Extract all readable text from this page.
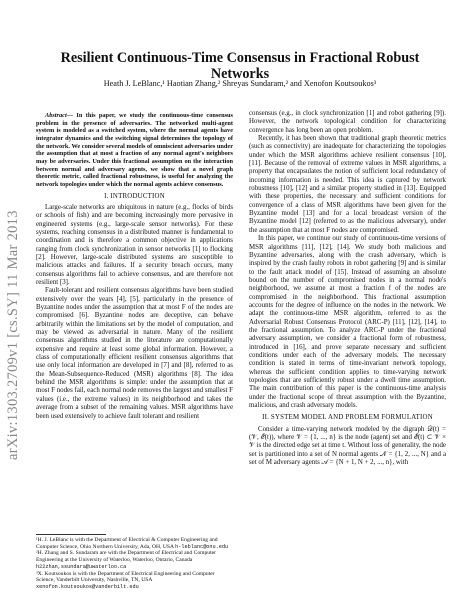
arXiv:1303.2709v1 [cs.SY] 11 Mar 2013
Resilient Continuous-Time Consensus in Fractional Robust Networks
Heath J. LeBlanc,¹ Haotian Zhang,² Shreyas Sundaram,² and Xenofon Koutsoukos³

Abstract— In this paper, we study the continuous-time consensus problem in the presence of adversaries. The networked multi-agent system is modeled as a switched system, where the normal agents have integrator dynamics and the switching signal determines the topology of the network. We consider several models of omniscient adversaries under the assumption that at most a fraction of any normal agent's neighbors may be adversaries. Under this fractional assumption on the interaction between normal and adversary agents, we show that a novel graph theoretic metric, called fractional robustness, is useful for analyzing the network topologies under which the normal agents achieve consensus.

I. INTRODUCTION

Large-scale networks are ubiquitous in nature (e.g., flocks of birds or schools of fish) and are becoming increasingly more pervasive in engineered systems (e.g., large-scale sensor networks). For these systems, reaching consensus in a distributed manner is fundamental to coordination and is therefore a common objective in applications ranging from clock synchronization in sensor networks [1] to flocking [2]. However, large-scale distributed systems are susceptible to malicious attacks and failures. If a security breach occurs, many consensus algorithms fail to achieve consensus, and are therefore not resilient [3].

Fault-tolerant and resilient consensus algorithms have been studied extensively over the years [4], [5], particularly in the presence of Byzantine nodes under the assumption that at most F of the nodes are compromised [6]. Byzantine nodes are deceptive, can behave arbitrarily within the limitations set by the model of computation, and may be viewed as adversarial in nature. Many of the resilient consensus algorithms studied in the literature are computationally expensive and require at least some global information. However, a class of computationally efficient resilient consensus algorithms that use only local information are developed in [7] and [8], referred to as the Mean-Subsequence-Reduced (MSR) algorithms [8]. The idea behind the MSR algorithms is simple: under the assumption that at most F nodes fail, each normal node removes the largest and smallest F values (i.e., the extreme values) in its neighborhood and takes the average from a subset of the remaining values. MSR algorithms have been used extensively to achieve fault tolerant and resilient

¹H. J. LeBlanc is with the Department of Electrical & Computer Engineering and Computer Science, Ohio Northern University, Ada, OH, USA h-leblanc@onu.edu
²H. Zhang and S. Sundaram are with the Department of Electrical and Computer Engineering at the University of Waterloo, Waterloo, Ontario, Canada h22zhan,ssundara@uwaterloo.ca
³X. Koutsoukos is with the Department of Electrical Engineering and Computer Science, Vanderbilt University, Nashville, TN, USA xenofon.koutsoukos@vanderbilt.edu

consensus (e.g., in clock synchronization [1] and robot gathering [9]). However, the network topological condition for characterizing convergence has long been an open problem.

Recently, it has been shown that traditional graph theoretic metrics (such as connectivity) are inadequate for characterizing the topologies under which the MSR algorithms achieve resilient consensus [10], [11]. Because of the removal of extreme values in MSR algorithms, a property that encapsulates the notion of sufficient local redundancy of incoming information is needed. This idea is captured by network robustness [10], [12] and a similar property studied in [13]. Equipped with these properties, the necessary and sufficient conditions for convergence of a class of MSR algorithms have been given for the Byzantine model [13] and for a local broadcast version of the Byzantine model [12] (referred to as the malicious adversary), under the assumption that at most F nodes are compromised.

In this paper, we continue our study of continuous-time versions of MSR algorithms [11], [12], [14]. We study both malicious and Byzantine adversaries, along with the crash adversary, which is inspired by the crash faulty robots in robot gathering [9] and is similar to the fault attack model of [15]. Instead of assuming an absolute bound on the number of compromised nodes in a normal node's neighborhood, we assume at most a fraction f of the nodes are compromised in the neighborhood. This fractional assumption accounts for the degree of influence on the nodes in the network. We adapt the continuous-time MSR algorithm, referred to as the Adversarial Robust Consensus Protocol (ARC-P) [11], [12], [14], to the fractional assumption. To analyze ARC-P under the fractional adversary assumption, we consider a fractional form of robustness, introduced in [16], and prove separate necessary and sufficient conditions under each of the adversary models. The necessary condition is stated in terms of time-invariant network topology, whereas the sufficient condition applies to time-varying network topologies that are sufficiently robust under a dwell time assumption. The main contribution of this paper is the continuous-time analysis under the fractional scope of threat assumption with the Byzantine, malicious, and crash adversary models.

II. SYSTEM MODEL AND PROBLEM FORMULATION

Consider a time-varying network modeled by the digraph 𝒟(t) = (𝒱, ℰ(t)), where 𝒱 = {1, ..., n} is the node (agent) set and ℰ(t) ⊂ 𝒱 × 𝒱 is the directed edge set at time t. Without loss of generality, the node set is partitioned into a set of N normal agents 𝒩 = {1, 2, ..., N} and a set of M adversary agents 𝒜 = {N + 1, N + 2, ..., n}, with
